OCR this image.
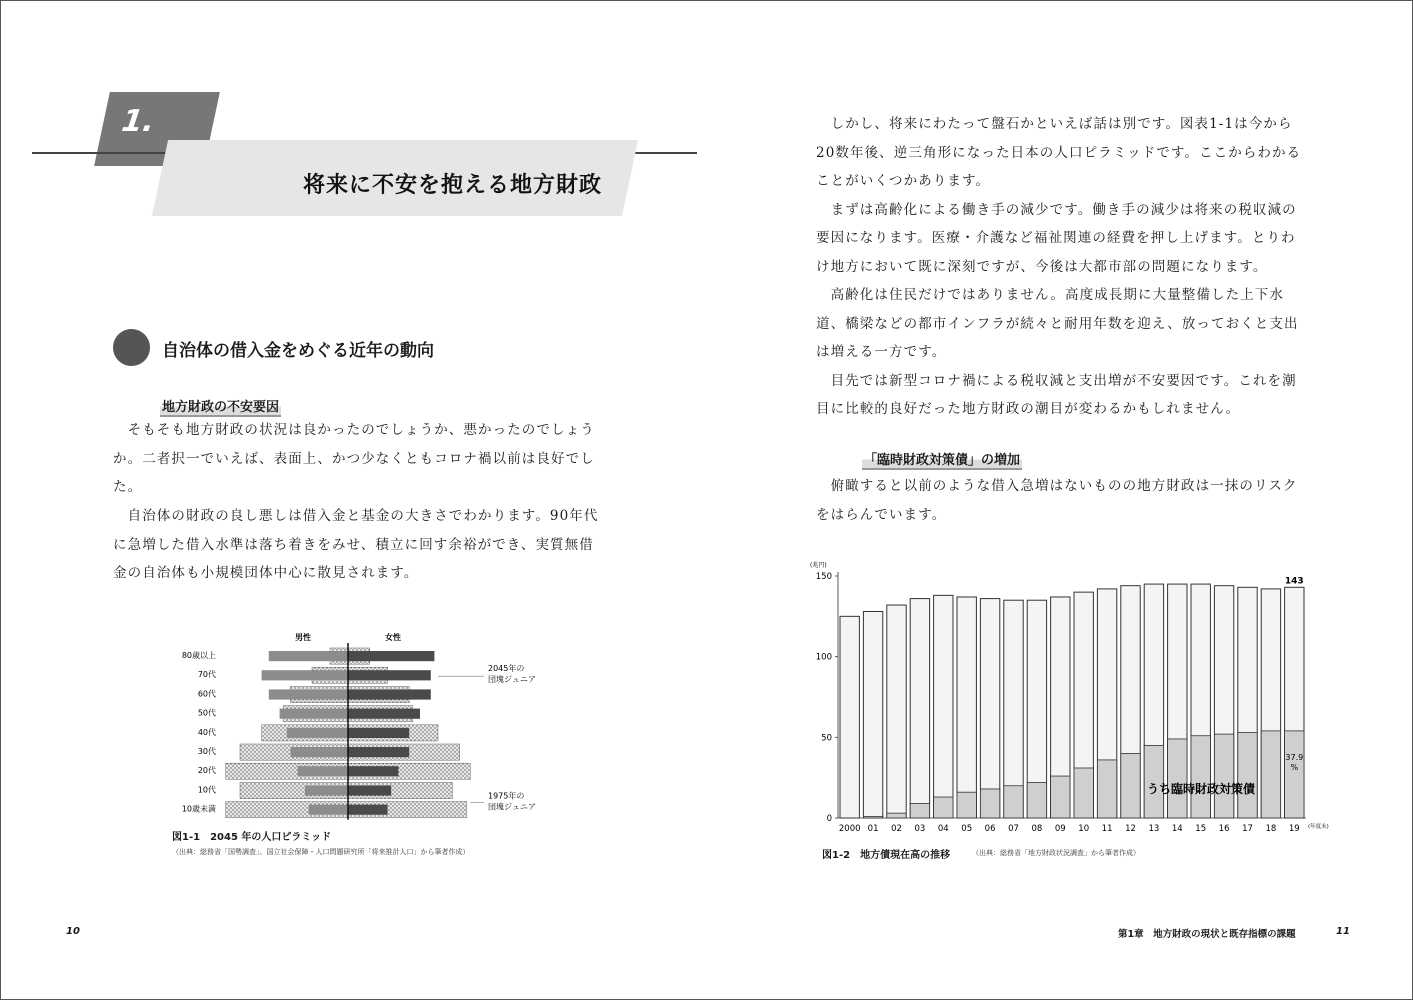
1.
将来に不安を抱える地方財政
自治体の借入金をめぐる近年の動向
地方財政の不安要因
　そもそも地方財政の状況は良かったのでしょうか、悪かったのでしょうか。二者択一でいえば、表面上、かつ少なくともコロナ禍以前は良好でした。
　自治体の財政の良し悪しは借入金と基金の大きさでわかります。90年代に急増した借入水準は落ち着きをみせ、積立に回す余裕ができ、実質無借金の自治体も小規模団体中心に散見されます。
男性	女性
80歳以上
70代
60代
50代
40代
30代
20代
10代
10歳未満
2045年の
団塊ジュニア
1975年の
団塊ジュニア
図1-1　2045 年の人口ピラミッド
（出典：総務省「国勢調査」、国立社会保障・人口問題研究所「将来推計人口」から筆者作成）
10
　しかし、将来にわたって盤石かといえば話は別です。図表1-1は今から20数年後、逆三角形になった日本の人口ピラミッドです。ここからわかることがいくつかあります。
　まずは高齢化による働き手の減少です。働き手の減少は将来の税収減の要因になります。医療・介護など福祉関連の経費を押し上げます。とりわけ地方において既に深刻ですが、今後は大都市部の問題になります。
　高齢化は住民だけではありません。高度成長期に大量整備した上下水道、橋梁などの都市インフラが続々と耐用年数を迎え、放っておくと支出は増える一方です。
　目先では新型コロナ禍による税収減と支出増が不安要因です。これを潮目に比較的良好だった地方財政の潮目が変わるかもしれません。
「臨時財政対策債」の増加
　俯瞰すると以前のような借入急増はないものの地方財政は一抹のリスクをはらんでいます。
(兆円)
0
50
100
150
2000 01 02 03 04 05 06 07 08 09 10 11 12 13 14 15 16 17 18 19 (年度末)
143
37.9
%
うち臨時財政対策債
図1-2　地方債現在高の推移	（出典：総務省「地方財政状況調査」から筆者作成）
第1章　地方財政の現状と既存指標の課題	11
